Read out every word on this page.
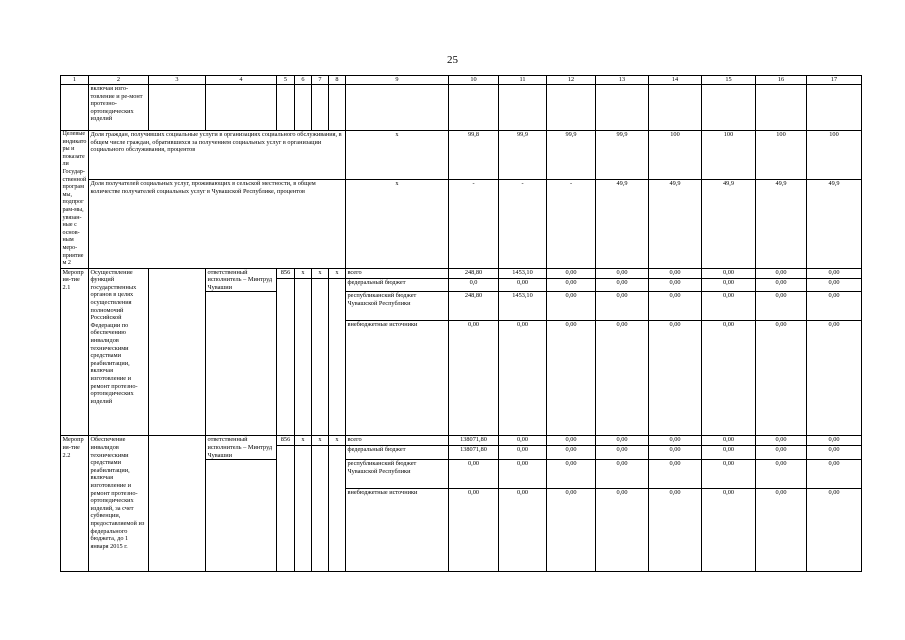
25
1	2	3	4	5	6	7	8	9	10	11	12	13	14	15	16	17
	включая изго-товление и ре-монт протезно-ортопедических изделий															
Целевые индикаторы и показатели Государ-ственной программы, подпрограм-мы, увязан-ные с основ-ным меро-приятием 2	Доля граждан, получивших социальные услуги в организациях социального обслуживания, в общем числе граждан, обратившихся за получением социальных услуг в организации социального обслуживания, процентов							x	99,8	99,9	99,9	99,9	100	100	100	100
	Доля получателей социальных услуг, проживающих в сельской местности, в общем количестве получателей социальных услуг в Чувашской Республике, процентов							x	-	-	-	49,9	49,9	49,9	49,9	49,9
Мероприя-тие 2.1	Осуществление функций государственных органов в целях осуществления полномочий Российской Федерации по обеспечению инвалидов техническими средствами реабилитации, включая изготовление и ремонт протезно-ортопедических изделий		ответственный исполнитель – Минтруд Чувашии	856	x	x	x	всего	248,80	1453,10	0,00	0,00	0,00	0,00	0,00	0,00
								федеральный бюджет	0,0	0,00	0,00	0,00	0,00	0,00	0,00	0,00
								республиканский бюджет Чувашской Республики	248,80	1453,10	0,00	0,00	0,00	0,00	0,00	0,00
								внебюджетные источники	0,00	0,00	0,00	0,00	0,00	0,00	0,00	0,00
Мероприя-тие 2.2	Обеспечение инвалидов техническими средствами реабилитации, включая изготовление и ремонт протезно-ортопедических изделий, за счет субвенции, предоставляемой из федерального бюджета, до 1 января 2015 г.		ответственный исполнитель – Минтруд Чувашии	856	x	x	x	всего	138071,80	0,00	0,00	0,00	0,00	0,00	0,00	0,00
								федеральный бюджет	138071,80	0,00	0,00	0,00	0,00	0,00	0,00	0,00
								республиканский бюджет Чувашской Республики	0,00	0,00	0,00	0,00	0,00	0,00	0,00	0,00
								внебюджетные источники	0,00	0,00	0,00	0,00	0,00	0,00	0,00	0,00
